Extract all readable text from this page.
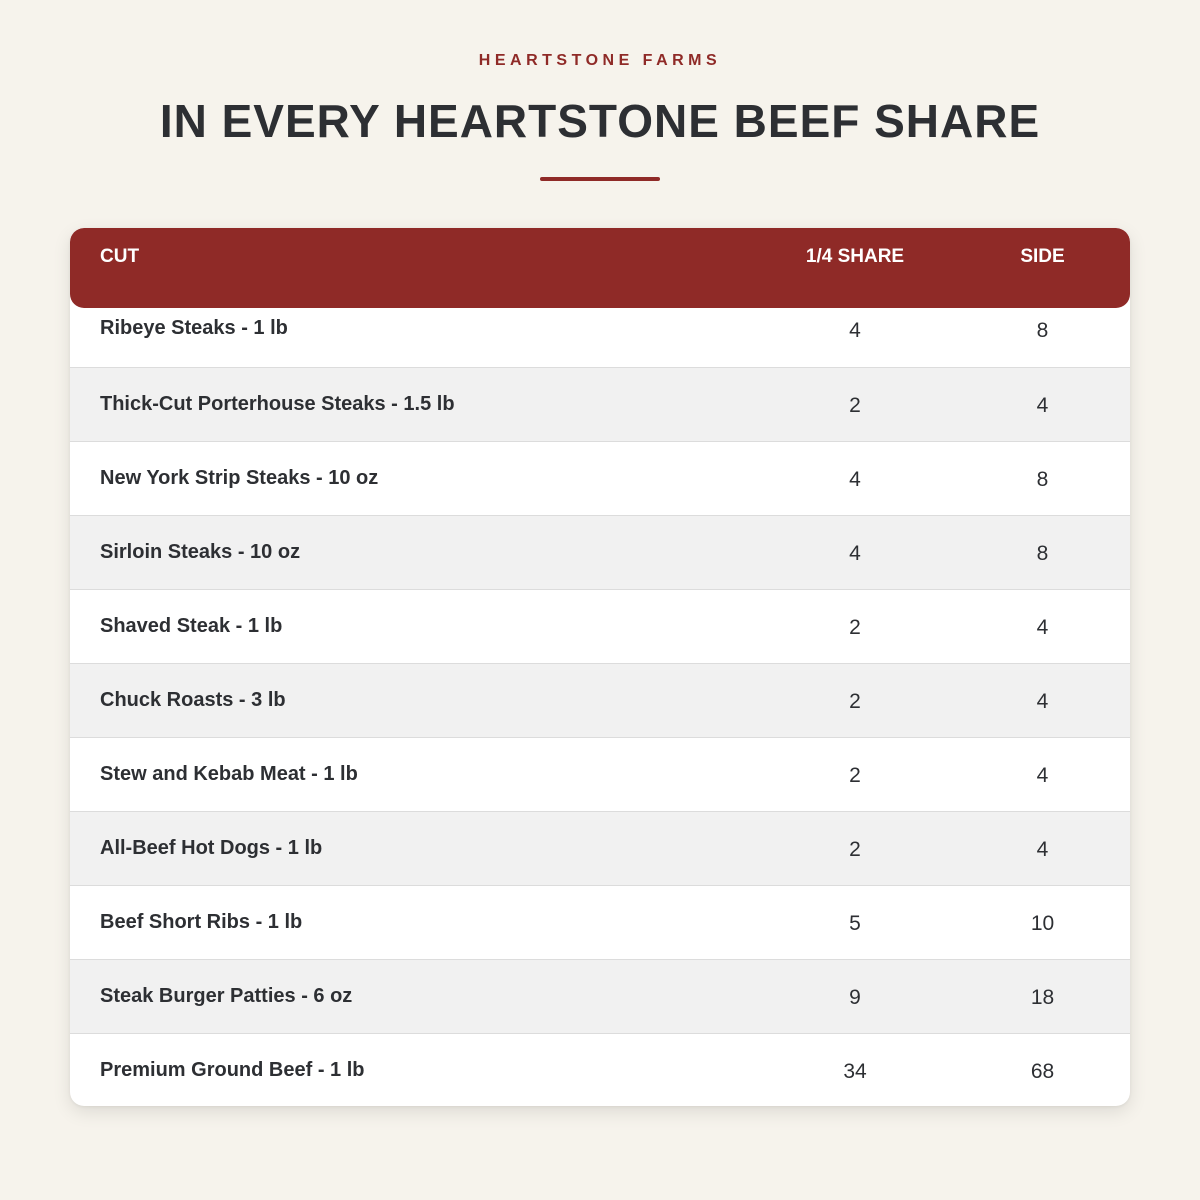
HEARTSTONE FARMS
IN EVERY HEARTSTONE BEEF SHARE
CUT	1/4 SHARE	SIDE
Ribeye Steaks - 1 lb	4	8
Thick-Cut Porterhouse Steaks - 1.5 lb	2	4
New York Strip Steaks - 10 oz	4	8
Sirloin Steaks - 10 oz	4	8
Shaved Steak - 1 lb	2	4
Chuck Roasts - 3 lb	2	4
Stew and Kebab Meat - 1 lb	2	4
All-Beef Hot Dogs - 1 lb	2	4
Beef Short Ribs - 1 lb	5	10
Steak Burger Patties - 6 oz	9	18
Premium Ground Beef - 1 lb	34	68
